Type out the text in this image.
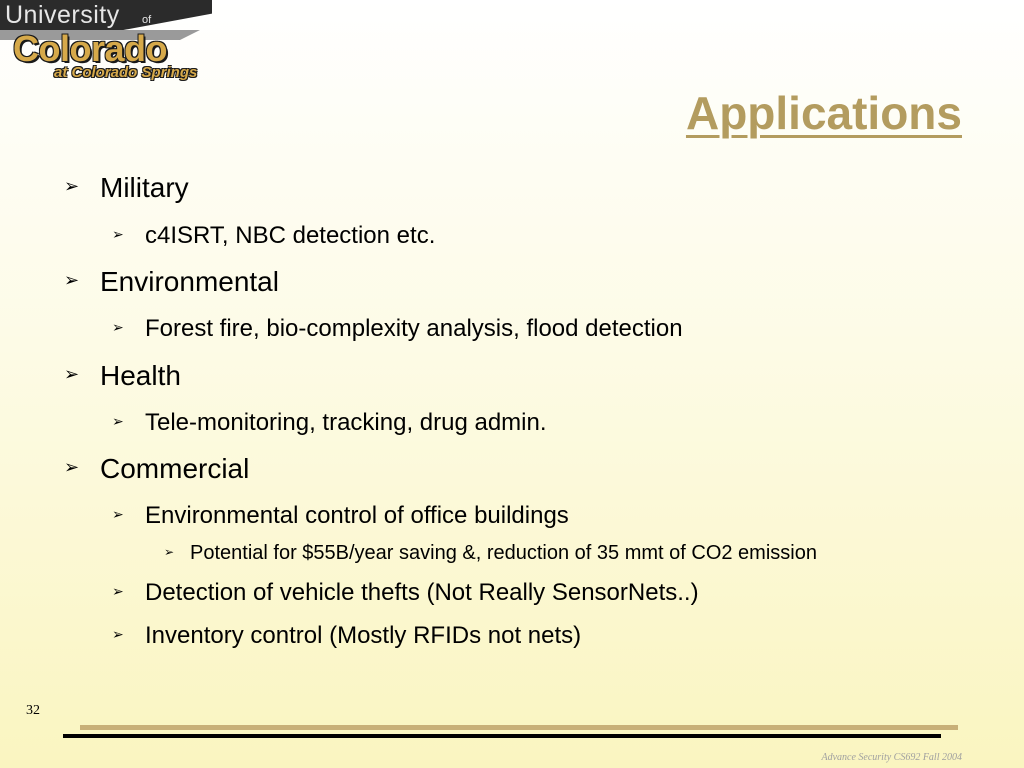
University of
Colorado
at Colorado Springs
Applications
➢ Military
➢ c4ISRT, NBC detection etc.
➢ Environmental
➢ Forest fire, bio-complexity analysis, flood detection
➢ Health
➢ Tele-monitoring, tracking, drug admin.
➢ Commercial
➢ Environmental control of office buildings
➢ Potential for $55B/year saving &, reduction of 35 mmt of CO2 emission
➢ Detection of vehicle thefts (Not Really SensorNets..)
➢ Inventory control (Mostly RFIDs not nets)
32
Advance Security CS692 Fall 2004
